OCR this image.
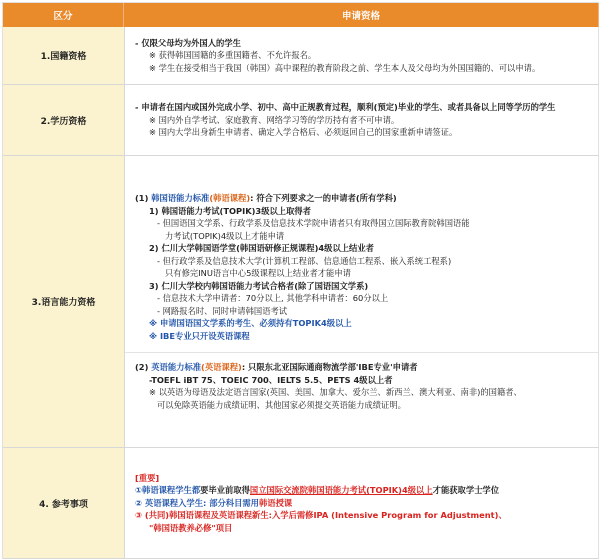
区分	申请资格
1.国籍资格
- 仅限父母均为外国人的学生
※ 获得韩国国籍的多重国籍者、不允许报名。
※ 学生在接受相当于我国（韩国）高中课程的教育阶段之前、学生本人及父母均为外国国籍的、可以申请。
2.学历资格
- 申请者在国内或国外完成小学、初中、高中正规教育过程，顺利(预定)毕业的学生、或者具备以上同等学历的学生
※ 国内外自学考试、家庭教育、网络学习等的学历持有者不可申请。
※ 国内大学出身新生申请者、确定入学合格后、必须返回自己的国家重新申请签证。
3.语言能力资格
(1) 韩国语能力标准(韩语课程): 符合下列要求之一的申请者(所有学科)
1) 韩国语能力考试(TOPIK)3级以上取得者
- 但国语国文学系、行政学系及信息技术学院申请者只有取得国立国际教育院韩国语能
力考试(TOPIK)4级以上才能申请
2) 仁川大学韩国语学堂(韩国语研修正规课程)4级以上结业者
- 但行政学系及信息技术大学(计算机工程部、信息通信工程系、嵌入系统工程系)
只有修完INU语言中心5级课程以上结业者才能申请
3) 仁川大学校内韩国语能力考试合格者(除了国语国文学系)
- 信息技术大学申请者：70分以上, 其他学科申请者：60分以上
- 网路报名时、同时申请韩国语考试
※ 申请国语国文学系的考生、必须持有TOPIK4级以上
※ IBE专业只开设英语课程
(2) 英语能力标准(英语课程): 只限东北亚国际通商物流学部'IBE专业'申请者
-TOEFL iBT 75、TOEIC 700、IELTS 5.5、PETS 4级以上者
※ 以英语为母语及法定语言国家(英国、美国、加拿大、爱尔兰、新西兰、澳大利亚、南非)的国籍者、
可以免除英语能力成绩证明、其他国家必须提交英语能力成绩证明。
4. 参考事项
[重要]
①韩语课程学生都要毕业前取得国立国际交流院韩国语能力考试(TOPIK)4级以上才能获取学士学位
② 英语课程入学生: 部分科目需用韩语授课
③ (共同)韩国语课程及英语课程新生:入学后需修IPA (Intensive Program for Adjustment)、
"韩国语教养必修"项目
